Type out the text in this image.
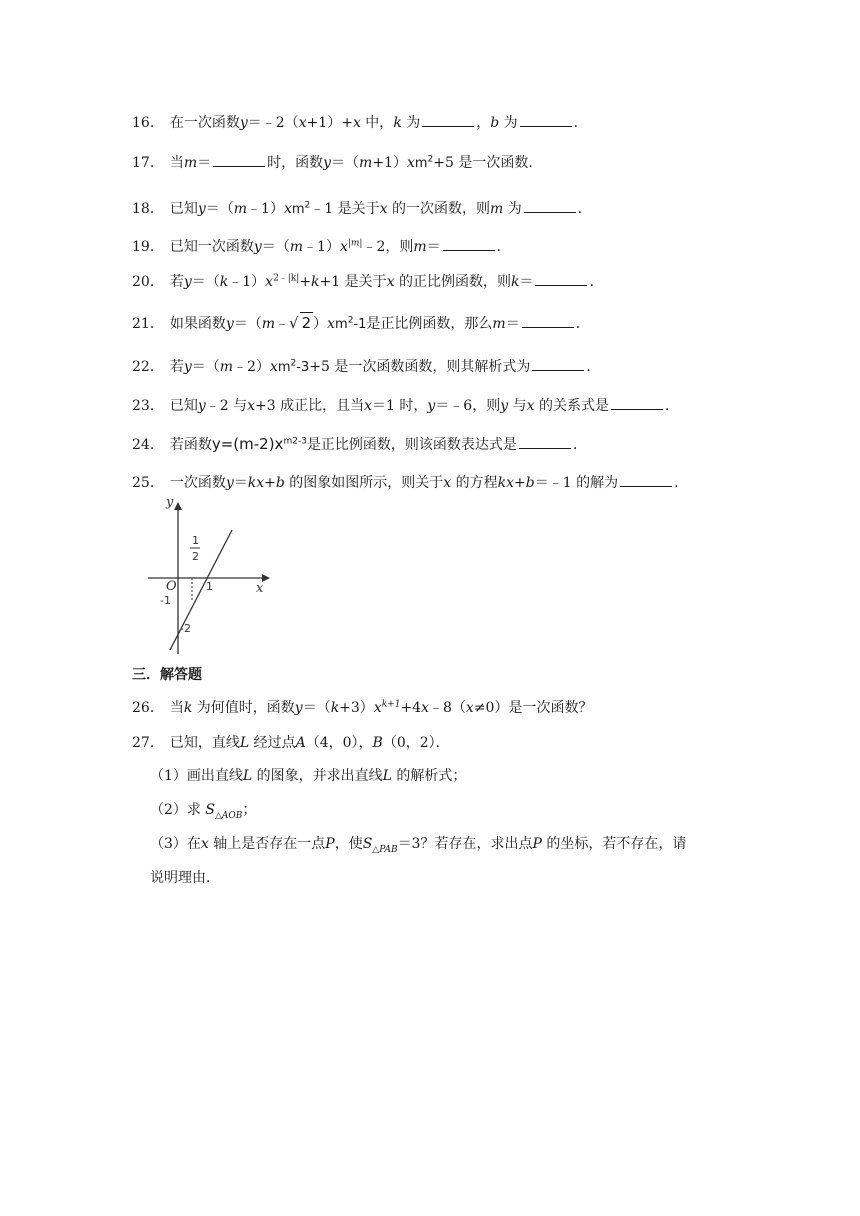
16． 在一次函数y＝﹣2（x+1）+x 中，k 为	，b 为	．
17． 当m＝	时，函数$y=(m+1)xm^2+5$ 是一次函数．
18． 已知$y=(m﹣1)xm^2﹣1$ 是关于x 的一次函数，则m 为	．
19． 已知一次函数$y=(m﹣1)x^{|m|}﹣2$，则m＝	．
20． 若$y=(k﹣1)x^{2﹣|k|}+k+1$ 是关于x 的正比例函数，则k＝	．
21． 如果函数y＝（m﹣√ 2 ）$xm^2-1$是正比例函数，那么m＝	．
22． 若$y=(m﹣2)xm^2-3+5$ 是一次函数函数，则其解析式为	．
23． 已知y﹣2 与x+3 成正比，且当x＝1 时，y＝﹣6，则y 与x 的关系式是	．
24． 若函数$y=(m-2)x^{m2-3}$是正比例函数，则该函数表达式是	．
25． 一次函数y＝kx+b 的图象如图所示，则关于x 的方程kx+b＝﹣1 的解为	．
y
x
O
1
2
1
-1
-2
三．解答题
26． 当k 为何值时，函数$y=(k+3)x^{k+1}+4x﹣8(x\ne 0)$是一次函数？
27． 已知，直线L 经过点A（4，0），B（0，2）．
（1）画出直线L 的图象，并求出直线L 的解析式；
（2）求 $S_{\triangle AOB}$；
（3）在x 轴上是否存在一点P，使$S_{\triangle PAB}=3$？若存在，求出点P 的坐标，若不存在，请
说明理由．
